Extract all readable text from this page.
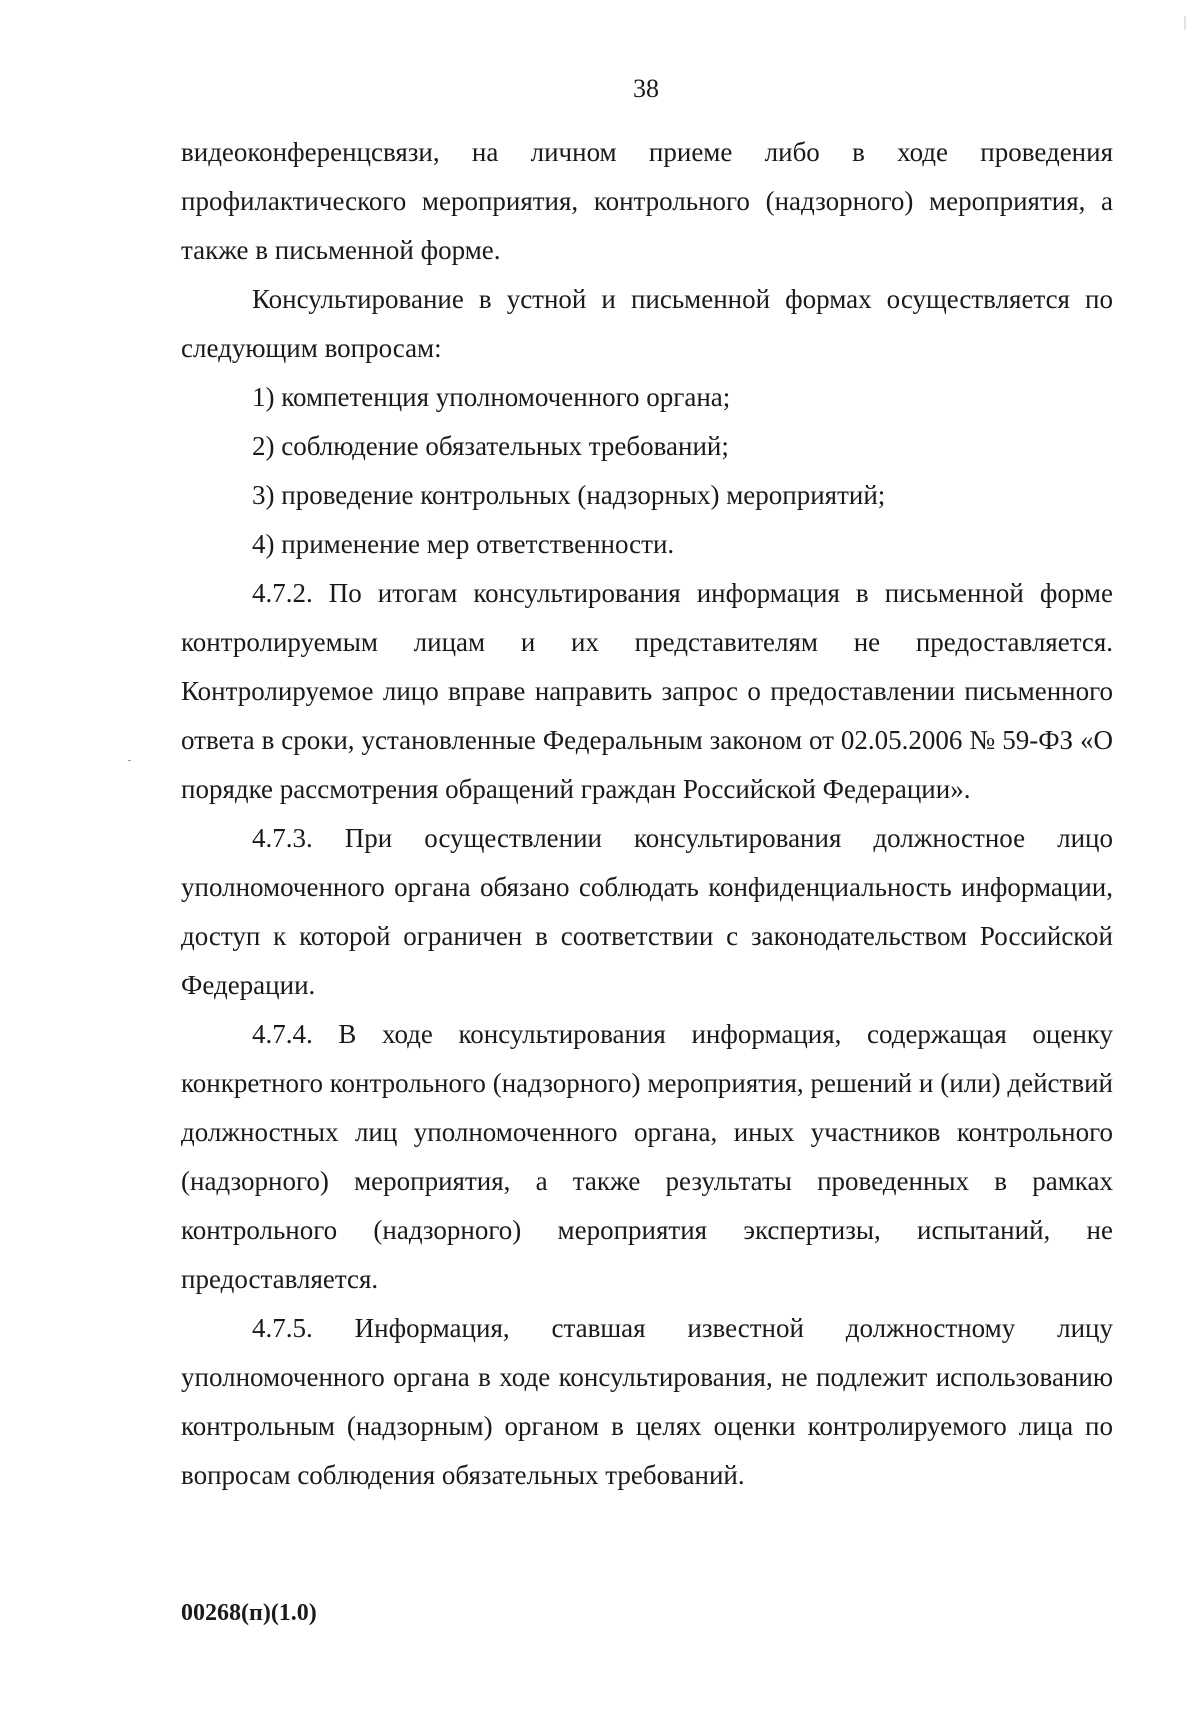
38

видеоконференцсвязи, на личном приеме либо в ходе проведения профилактического мероприятия, контрольного (надзорного) мероприятия, а также в письменной форме.

Консультирование в устной и письменной формах осуществляется по следующим вопросам:

1) компетенция уполномоченного органа;

2) соблюдение обязательных требований;

3) проведение контрольных (надзорных) мероприятий;

4) применение мер ответственности.

4.7.2. По итогам консультирования информация в письменной форме контролируемым лицам и их представителям не предоставляется. Контролируемое лицо вправе направить запрос о предоставлении письменного ответа в сроки, установленные Федеральным законом от 02.05.2006 № 59-ФЗ «О порядке рассмотрения обращений граждан Российской Федерации».

4.7.3. При осуществлении консультирования должностное лицо уполномоченного органа обязано соблюдать конфиденциальность информации, доступ к которой ограничен в соответствии с законодательством Российской Федерации.

4.7.4. В ходе консультирования информация, содержащая оценку конкретного контрольного (надзорного) мероприятия, решений и (или) действий должностных лиц уполномоченного органа, иных участников контрольного (надзорного) мероприятия, а также результаты проведенных в рамках контрольного (надзорного) мероприятия экспертизы, испытаний, не предоставляется.

4.7.5. Информация, ставшая известной должностному лицу уполномоченного органа в ходе консультирования, не подлежит использованию контрольным (надзорным) органом в целях оценки контролируемого лица по вопросам соблюдения обязательных требований.

00268(п)(1.0)
